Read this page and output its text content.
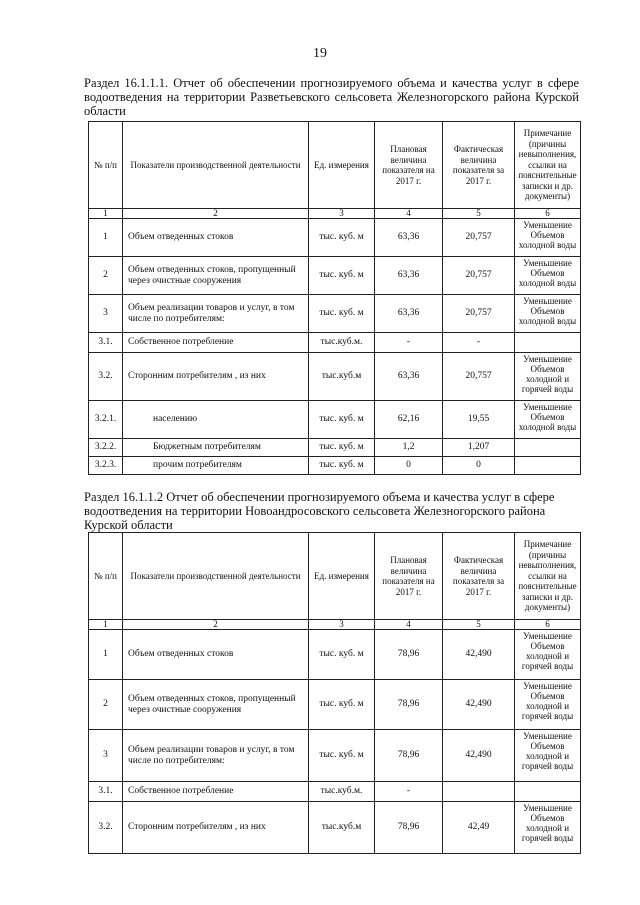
19
Раздел 16.1.1.1. Отчет об обеспечении прогнозируемого объема и качества услуг в сфере водоотведения на территории Разветьевского сельсовета Железногорского района Курской области
№ п/п	Показатели производственной деятельности	Ед. измерения	Плановая величина показателя на 2017 г.	Фактическая величина показателя за 2017 г.	Примечание (причины невыполнения, ссылки на пояснительные записки и др. документы)
1	2	3	4	5	6
1	Объем отведенных стоков	тыс. куб. м	63,36	20,757	Уменьшение Объемов холодной воды
2	Объем отведенных стоков, пропущенный через очистные сооружения	тыс. куб. м	63,36	20,757	Уменьшение Объемов холодной воды
3	Объем реализации товаров и услуг, в том числе по потребителям:	тыс. куб. м	63,36	20,757	Уменьшение Объемов холодной воды
3.1.	Собственное потребление	тыс.куб.м.	-	-	
3.2.	Сторонним потребителям , из них	тыс.куб.м	63,36	20,757	Уменьшение Объемов холодной и горячей воды
3.2.1.	населению	тыс. куб. м	62,16	19,55	Уменьшение Объемов холодной воды
3.2.2.	Бюджетным потребителям	тыс. куб. м	1,2	1,207	
3.2.3.	прочим потребителям	тыс. куб. м	0	0	
Раздел 16.1.1.2 Отчет об обеспечении прогнозируемого объема и качества услуг в сфере водоотведения на территории Новоандросовского сельсовета Железногорского района Курской области
№ п/п	Показатели производственной деятельности	Ед. измерения	Плановая величина показателя на 2017 г.	Фактическая величина показателя за 2017 г.	Примечание (причины невыполнения, ссылки на пояснительные записки и др. документы)
1	2	3	4	5	6
1	Объем отведенных стоков	тыс. куб. м	78,96	42,490	Уменьшение Объемов холодной и горячей воды
2	Объем отведенных стоков, пропущенный через очистные сооружения	тыс. куб. м	78,96	42,490	Уменьшение Объемов холодной и горячей воды
3	Объем реализации товаров и услуг, в том числе по потребителям:	тыс. куб. м	78,96	42,490	Уменьшение Объемов холодной и горячей воды
3.1.	Собственное потребление	тыс.куб.м.	-		
3.2.	Сторонним потребителям , из них	тыс.куб.м	78,96	42,49	Уменьшение Объемов холодной и горячей воды
